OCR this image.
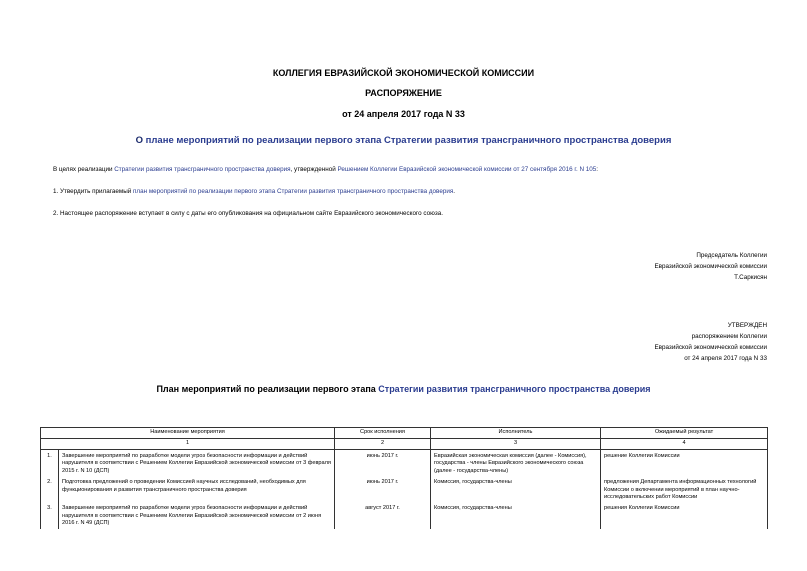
КОЛЛЕГИЯ ЕВРАЗИЙСКОЙ ЭКОНОМИЧЕСКОЙ КОМИССИИ
РАСПОРЯЖЕНИЕ
от 24 апреля 2017 года N 33
О плане мероприятий по реализации первого этапа Стратегии развития трансграничного пространства доверия
В целях реализации Стратегии развития трансграничного пространства доверия, утвержденной Решением Коллегии Евразийской экономической комиссии от 27 сентября 2016 г. N 105:
1. Утвердить прилагаемый план мероприятий по реализации первого этапа Стратегии развития трансграничного пространства доверия.
2. Настоящее распоряжение вступает в силу с даты его опубликования на официальном сайте Евразийского экономического союза.
Председатель Коллегии
Евразийской экономической комиссии
Т.Саркисян
УТВЕРЖДЕН
распоряжением Коллегии
Евразийской экономической комиссии
от 24 апреля 2017 года N 33
План мероприятий по реализации первого этапа Стратегии развития трансграничного пространства доверия
Наименование мероприятия		Срок исполнения	Исполнитель	Ожидаемый результат
1		2	3	4
1.	Завершение мероприятий по разработке модели угроз безопасности информации и действий нарушителя в соответствии с Решением Коллегии Евразийской экономической комиссии от 3 февраля 2015 г. N 10 (ДСП)	июнь 2017 г.	Евразийская экономическая комиссия (далее - Комиссия), государства - члены Евразийского экономического союза (далее - государства-члены)	решение Коллегии Комиссии
2.	Подготовка предложений о проведении Комиссией научных исследований, необходимых для функционирования и развития трансграничного пространства доверия	июнь 2017 г.	Комиссия, государства-члены	предложения Департамента информационных технологий Комиссии о включении мероприятий в план научно-исследовательских работ Комиссии
3.	Завершение мероприятий по разработке модели угроз безопасности информации и действий нарушителя в соответствии с Решением Коллегии Евразийской экономической комиссии от 2 июня 2016 г. N 49 (ДСП)	август 2017 г.	Комиссия, государства-члены	решения Коллегии Комиссии
